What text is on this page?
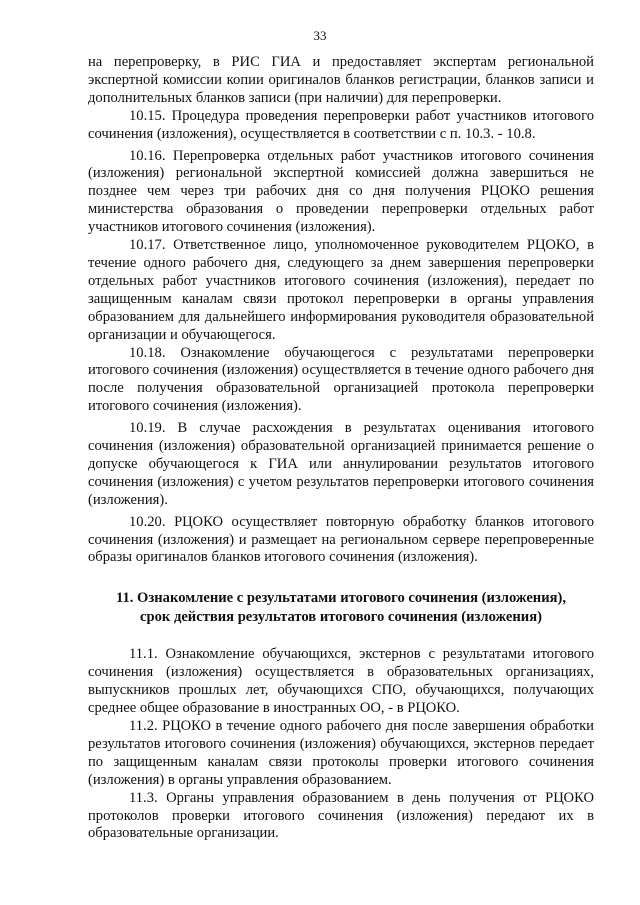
33

на перепроверку, в РИС ГИА и предоставляет экспертам региональной экспертной комиссии копии оригиналов бланков регистрации, бланков записи и дополнительных бланков записи (при наличии) для перепроверки.

10.15. Процедура проведения перепроверки работ участников итогового сочинения (изложения), осуществляется в соответствии с п. 10.3. - 10.8.

10.16. Перепроверка отдельных работ участников итогового сочинения (изложения) региональной экспертной комиссией должна завершиться не позднее чем через три рабочих дня со дня получения РЦОКО решения министерства образования о проведении перепроверки отдельных работ участников итогового сочинения (изложения).

10.17. Ответственное лицо, уполномоченное руководителем РЦОКО, в течение одного рабочего дня, следующего за днем завершения перепроверки отдельных работ участников итогового сочинения (изложения), передает по защищенным каналам связи протокол перепроверки в органы управления образованием для дальнейшего информирования руководителя образовательной организации и обучающегося.

10.18. Ознакомление обучающегося с результатами перепроверки итогового сочинения (изложения) осуществляется в течение одного рабочего дня после получения образовательной организацией протокола перепроверки итогового сочинения (изложения).

10.19. В случае расхождения в результатах оценивания итогового сочинения (изложения) образовательной организацией принимается решение о допуске обучающегося к ГИА или аннулировании результатов итогового сочинения (изложения) с учетом результатов перепроверки итогового сочинения (изложения).

10.20. РЦОКО осуществляет повторную обработку бланков итогового сочинения (изложения) и размещает на региональном сервере перепроверенные образы оригиналов бланков итогового сочинения (изложения).

11. Ознакомление с результатами итогового сочинения (изложения),
срок действия результатов итогового сочинения (изложения)

11.1. Ознакомление обучающихся, экстернов с результатами итогового сочинения (изложения) осуществляется в образовательных организациях, выпускников прошлых лет, обучающихся СПО, обучающихся, получающих среднее общее образование в иностранных ОО, - в РЦОКО.

11.2. РЦОКО в течение одного рабочего дня после завершения обработки результатов итогового сочинения (изложения) обучающихся, экстернов передает по защищенным каналам связи протоколы проверки итогового сочинения (изложения) в органы управления образованием.

11.3. Органы управления образованием в день получения от РЦОКО протоколов проверки итогового сочинения (изложения) передают их в образовательные организации.
